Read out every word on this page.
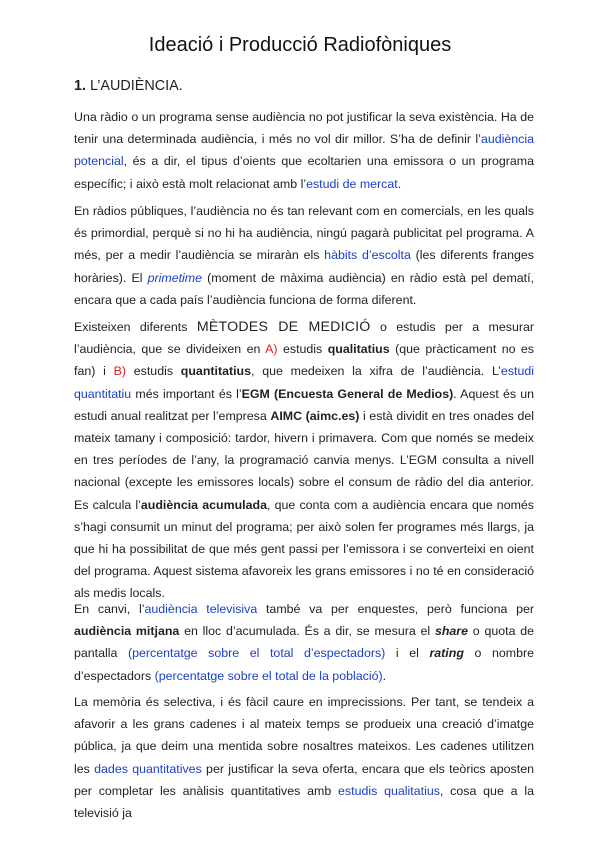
Ideació i Producció Radiofòniques
1. L’AUDIÈNCIA.

Una ràdio o un programa sense audiència no pot justificar la seva existència. Ha de tenir una determinada audiència, i més no vol dir millor. S’ha de definir l’audiència potencial, és a dir, el tipus d’oients que ecoltarien una emissora o un programa específic; i això està molt relacionat amb l’estudi de mercat.

En ràdios públiques, l’audiència no és tan relevant com en comercials, en les quals és primordial, perquè si no hi ha audiència, ningú pagarà publicitat pel programa. A més, per a medir l’audiència se miraràn els hàbits d’escolta (les diferents franges horàries). El primetime (moment de màxima audiència) en ràdio està pel dematí, encara que a cada país l’audiència funciona de forma diferent.

Existeixen diferents MÈTODES DE MEDICIÓ o estudis per a mesurar l’audiència, que se divideixen en A) estudis qualitatius (que pràcticament no es fan) i B) estudis quantitatius, que medeixen la xifra de l’audiència. L’estudi quantitatiu més important és l’EGM (Encuesta General de Medios). Aquest és un estudi anual realitzat per l’empresa AIMC (aimc.es) i està dividit en tres onades del mateix tamany i composició: tardor, hivern i primavera. Com que només se medeix en tres períodes de l’any, la programació canvia menys. L’EGM consulta a nivell nacional (excepte les emissores locals) sobre el consum de ràdio del dia anterior. Es calcula l’audiència acumulada, que conta com a audiència encara que només s’hagi consumit un minut del programa; per això solen fer programes més llargs, ja que hi ha possibilitat de que més gent passi per l’emissora i se converteixi en oient del programa. Aquest sistema afavoreix les grans emissores i no té en consideració als medis locals.

En canvi, l’audiència televisiva també va per enquestes, però funciona per audiència mitjana en lloc d’acumulada. És a dir, se mesura el share o quota de pantalla (percentatge sobre el total d’espectadors) i el rating o nombre d’espectadors (percentatge sobre el total de la població).

La memòria és selectiva, i és fàcil caure en imprecissions. Per tant, se tendeix a afavorir a les grans cadenes i al mateix temps se produeix una creació d’imatge pública, ja que deim una mentida sobre nosaltres mateixos. Les cadenes utilitzen les dades quantitatives per justificar la seva oferta, encara que els teòrics aposten per completar les anàlisis quantitatives amb estudis qualitatius, cosa que a la televisió ja
